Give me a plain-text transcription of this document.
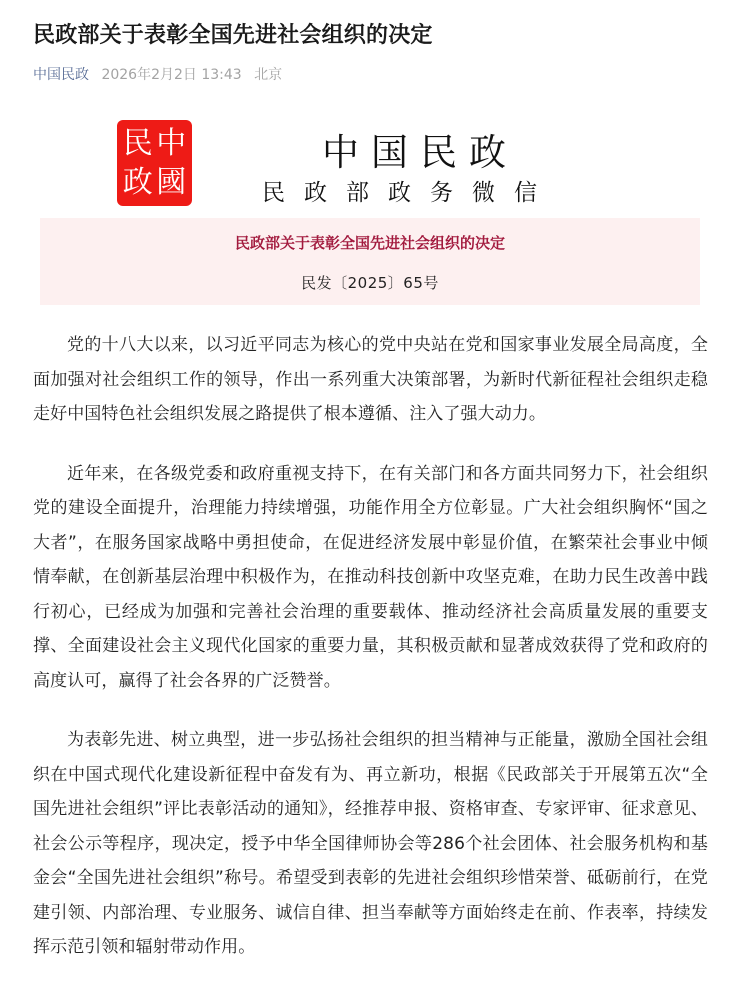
民政部关于表彰全国先进社会组织的决定
中国民政 2026年2月2日 13:43 北京
民 中
政 國
中国民政
民政部政务微信
民政部关于表彰全国先进社会组织的决定
民发〔2025〕65号

党的十八大以来，以习近平同志为核心的党中央站在党和国家事业发展全局高度，全面加强对社会组织工作的领导，作出一系列重大决策部署，为新时代新征程社会组织走稳走好中国特色社会组织发展之路提供了根本遵循、注入了强大动力。

近年来，在各级党委和政府重视支持下，在有关部门和各方面共同努力下，社会组织党的建设全面提升，治理能力持续增强，功能作用全方位彰显。广大社会组织胸怀“国之大者”，在服务国家战略中勇担使命，在促进经济发展中彰显价值，在繁荣社会事业中倾情奉献，在创新基层治理中积极作为，在推动科技创新中攻坚克难，在助力民生改善中践行初心，已经成为加强和完善社会治理的重要载体、推动经济社会高质量发展的重要支撑、全面建设社会主义现代化国家的重要力量，其积极贡献和显著成效获得了党和政府的高度认可，赢得了社会各界的广泛赞誉。

为表彰先进、树立典型，进一步弘扬社会组织的担当精神与正能量，激励全国社会组织在中国式现代化建设新征程中奋发有为、再立新功，根据《民政部关于开展第五次“全国先进社会组织”评比表彰活动的通知》，经推荐申报、资格审查、专家评审、征求意见、社会公示等程序，现决定，授予中华全国律师协会等286个社会团体、社会服务机构和基金会“全国先进社会组织”称号。希望受到表彰的先进社会组织珍惜荣誉、砥砺前行，在党建引领、内部治理、专业服务、诚信自律、担当奉献等方面始终走在前、作表率，持续发挥示范引领和辐射带动作用。
